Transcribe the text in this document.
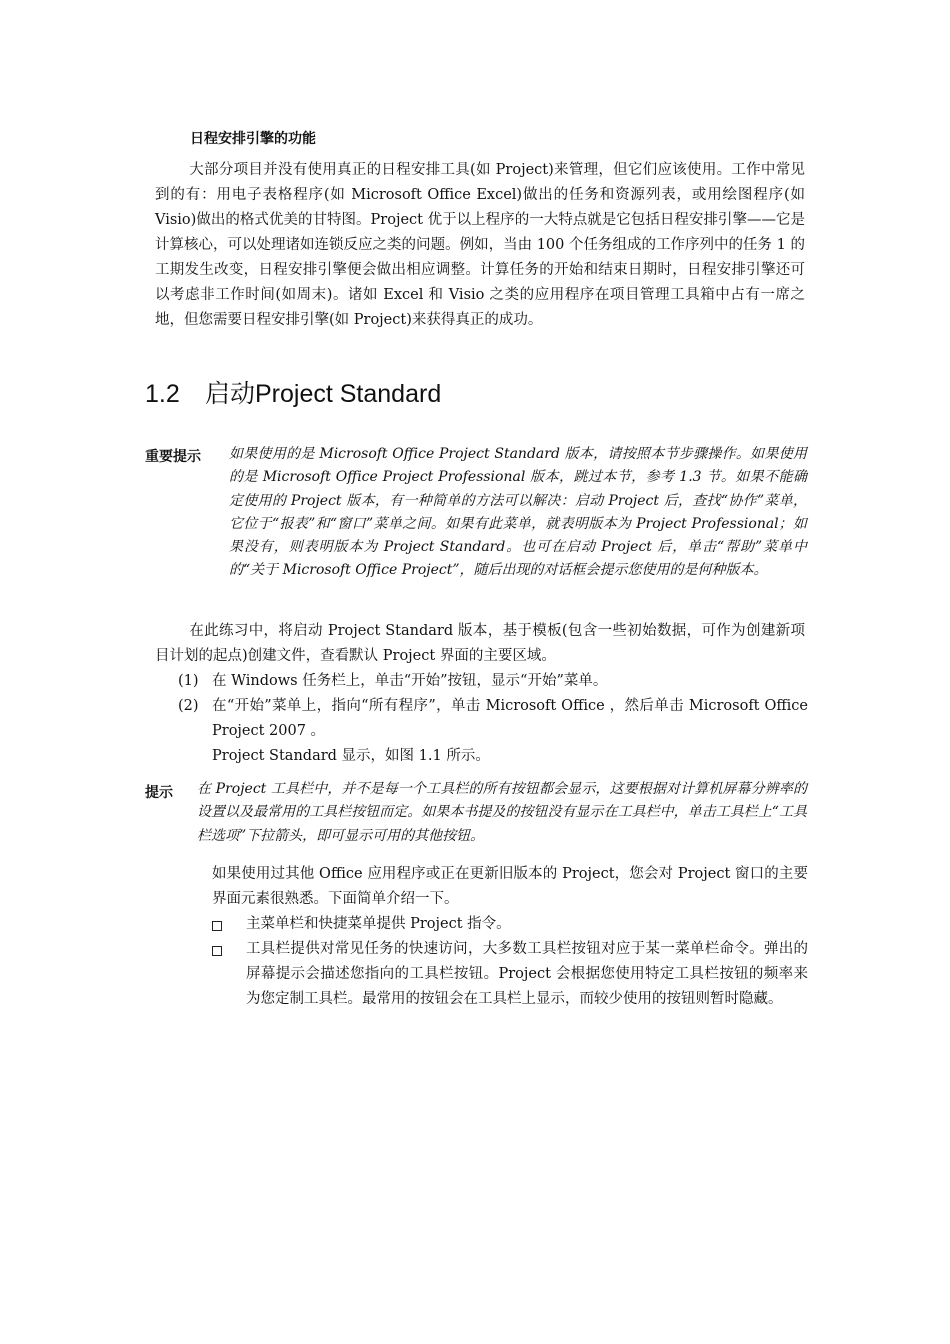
日程安排引擎的功能
大部分项目并没有使用真正的日程安排工具(如 Project)来管理，但它们应该使用。工作中常见到的有：用电子表格程序(如 Microsoft Office Excel)做出的任务和资源列表，或用绘图程序(如 Visio)做出的格式优美的甘特图。Project 优于以上程序的一大特点就是它包括日程安排引擎——它是计算核心，可以处理诸如连锁反应之类的问题。例如，当由 100 个任务组成的工作序列中的任务 1 的工期发生改变，日程安排引擎便会做出相应调整。计算任务的开始和结束日期时，日程安排引擎还可以考虑非工作时间(如周末)。诸如 Excel 和 Visio 之类的应用程序在项目管理工具箱中占有一席之地，但您需要日程安排引擎(如 Project)来获得真正的成功。
1.2 启动Project Standard
重要提示 如果使用的是 Microsoft Office Project Standard 版本，请按照本节步骤操作。如果使用的是 Microsoft Office Project Professional 版本，跳过本节，参考 1.3 节。如果不能确定使用的 Project 版本，有一种简单的方法可以解决：启动 Project 后，查找“协作”菜单，它位于“报表”和“窗口”菜单之间。如果有此菜单，就表明版本为 Project Professional；如果没有，则表明版本为 Project Standard。也可在启动 Project 后，单击“帮助”菜单中的“关于 Microsoft Office Project”，随后出现的对话框会提示您使用的是何种版本。
在此练习中，将启动 Project Standard 版本，基于模板(包含一些初始数据，可作为创建新项目计划的起点)创建文件，查看默认 Project 界面的主要区域。
(1) 在 Windows 任务栏上，单击“开始”按钮，显示“开始”菜单。
(2) 在“开始”菜单上，指向“所有程序”，单击 Microsoft Office ，然后单击 Microsoft Office Project 2007 。
Project Standard 显示，如图 1.1 所示。
提示 在 Project 工具栏中，并不是每一个工具栏的所有按钮都会显示，这要根据对计算机屏幕分辨率的设置以及最常用的工具栏按钮而定。如果本书提及的按钮没有显示在工具栏中，单击工具栏上“工具栏选项”下拉箭头，即可显示可用的其他按钮。
如果使用过其他 Office 应用程序或正在更新旧版本的 Project，您会对 Project 窗口的主要界面元素很熟悉。下面简单介绍一下。
主菜单栏和快捷菜单提供 Project 指令。
工具栏提供对常见任务的快速访问，大多数工具栏按钮对应于某一菜单栏命令。弹出的屏幕提示会描述您指向的工具栏按钮。Project 会根据您使用特定工具栏按钮的频率来为您定制工具栏。最常用的按钮会在工具栏上显示，而较少使用的按钮则暂时隐藏。
